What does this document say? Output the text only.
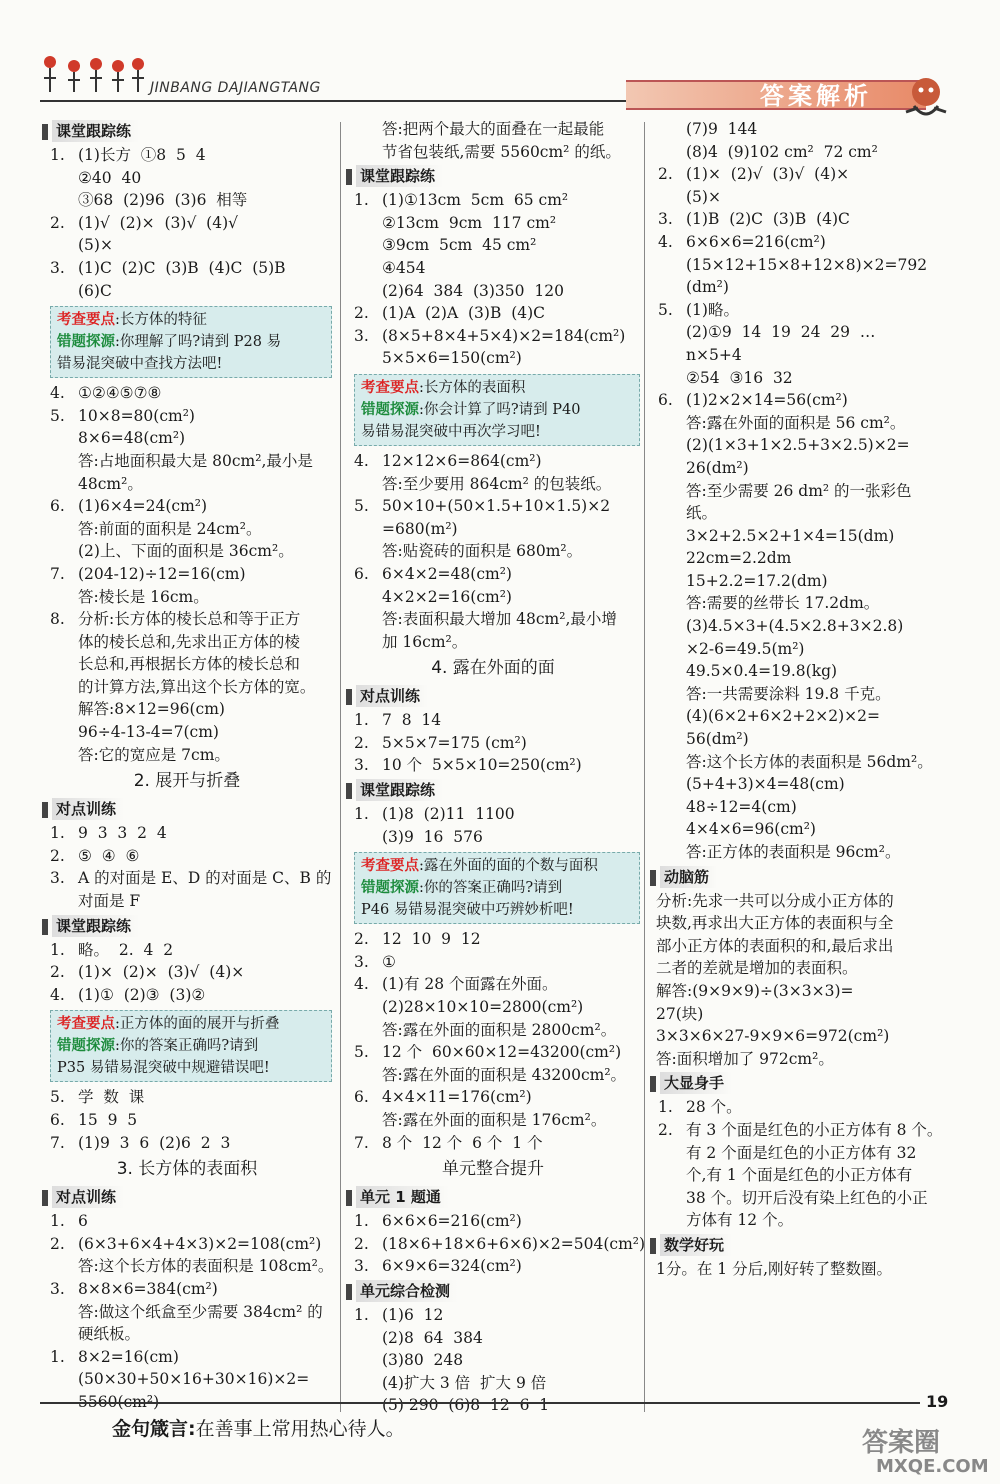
JINBANG DAJIANGTANG	答案解析
课堂跟踪练
1. (1)长方  ①8  5  4
②40  40
③68  (2)96  (3)6  相等
2. (1)√  (2)×  (3)√  (4)√
(5)×
3. (1)C  (2)C  (3)B  (4)C  (5)B
(6)C
考查要点:长方体的特征
错题探源:你理解了吗?请到 P28 易
错易混突破中查找方法吧!
4. ①②④⑤⑦⑧
5. 10×8=80(cm²)
8×6=48(cm²)
答:占地面积最大是 80cm²,最小是
48cm²。
6. (1)6×4=24(cm²)
答:前面的面积是 24cm²。
(2)上、下面的面积是 36cm²。
7. (204-12)÷12=16(cm)
答:棱长是 16cm。
8. 分析:长方体的棱长总和等于正方
体的棱长总和,先求出正方体的棱
长总和,再根据长方体的棱长总和
的计算方法,算出这个长方体的宽。
解答:8×12=96(cm)
96÷4-13-4=7(cm)
答:它的宽应是 7cm。
2. 展开与折叠
对点训练
1. 9  3  3  2  4
2. ⑤  ④  ⑥
3. A 的对面是 E、D 的对面是 C、B 的
对面是 F
课堂跟踪练
1. 略。  2.  4  2
2. (1)×  (2)×  (3)√  (4)×
4. (1)①  (2)③  (3)②
考查要点:正方体的面的展开与折叠
错题探源:你的答案正确吗?请到
P35 易错易混突破中规避错误吧!
5. 学  数  课
6. 15  9  5
7. (1)9  3  6  (2)6  2  3
3. 长方体的表面积
对点训练
1. 6
2. (6×3+6×4+4×3)×2=108(cm²)
答:这个长方体的表面积是 108cm²。
3. 8×8×6=384(cm²)
答:做这个纸盒至少需要 384cm² 的
硬纸板。
1. 8×2=16(cm)
(50×30+50×16+30×16)×2=
5560(cm²)
答:把两个最大的面叠在一起最能
节省包装纸,需要 5560cm² 的纸。
课堂跟踪练
1. (1)①13cm  5cm  65 cm²
②13cm  9cm  117 cm²
③9cm  5cm  45 cm²
④454
(2)64  384  (3)350  120
2. (1)A  (2)A  (3)B  (4)C
3. (8×5+8×4+5×4)×2=184(cm²)
5×5×6=150(cm²)
考查要点:长方体的表面积
错题探源:你会计算了吗?请到 P40
易错易混突破中再次学习吧!
4. 12×12×6=864(cm²)
答:至少要用 864cm² 的包装纸。
5. 50×10+(50×1.5+10×1.5)×2
=680(m²)
答:贴瓷砖的面积是 680m²。
6. 6×4×2=48(cm²)
4×2×2=16(cm²)
答:表面积最大增加 48cm²,最小增
加 16cm²。
4. 露在外面的面
对点训练
1. 7  8  14
2. 5×5×7=175 (cm²)
3. 10 个  5×5×10=250(cm²)
课堂跟踪练
1. (1)8  (2)11  1100
(3)9  16  576
考查要点:露在外面的面的个数与面积
错题探源:你的答案正确吗?请到
P46 易错易混突破中巧辨妙析吧!
2. 12  10  9  12
3. ①
4. (1)有 28 个面露在外面。
(2)28×10×10=2800(cm²)
答:露在外面的面积是 2800cm²。
5. 12 个  60×60×12=43200(cm²)
答:露在外面的面积是 43200cm²。
6. 4×4×11=176(cm²)
答:露在外面的面积是 176cm²。
7. 8 个  12 个  6 个  1 个
单元整合提升
单元 1 题通
1. 6×6×6=216(cm²)
2. (18×6+18×6+6×6)×2=504(cm²)
3. 6×9×6=324(cm²)
单元综合检测
1. (1)6  12
(2)8  64  384
(3)80  248
(4)扩大 3 倍  扩大 9 倍
(5) 290  (6)8  12  6  1
(7)9  144
(8)4  (9)102 cm²  72 cm²
2. (1)×  (2)√  (3)√  (4)×
(5)×
3. (1)B  (2)C  (3)B  (4)C
4. 6×6×6=216(cm²)
(15×12+15×8+12×8)×2=792
(dm²)
5. (1)略。
(2)①9  14  19  24  29  …
n×5+4
②54  ③16  32
6. (1)2×2×14=56(cm²)
答:露在外面的面积是 56 cm²。
(2)(1×3+1×2.5+3×2.5)×2=
26(dm²)
答:至少需要 26 dm² 的一张彩色
纸。
3×2+2.5×2+1×4=15(dm)
22cm=2.2dm
15+2.2=17.2(dm)
答:需要的丝带长 17.2dm。
(3)4.5×3+(4.5×2.8+3×2.8)
×2-6=49.5(m²)
49.5×0.4=19.8(kg)
答:一共需要涂料 19.8 千克。
(4)(6×2+6×2+2×2)×2=
56(dm²)
答:这个长方体的表面积是 56dm²。
(5+4+3)×4=48(cm)
48÷12=4(cm)
4×4×6=96(cm²)
答:正方体的表面积是 96cm²。
动脑筋
分析:先求一共可以分成小正方体的
块数,再求出大正方体的表面积与全
部小正方体的表面积的和,最后求出
二者的差就是增加的表面积。
解答:(9×9×9)÷(3×3×3)=
27(块)
3×3×6×27-9×9×6=972(cm²)
答:面积增加了 972cm²。
大显身手
1. 28 个。
2. 有 3 个面是红色的小正方体有 8 个。
有 2 个面是红色的小正方体有 32
个,有 1 个面是红色的小正方体有
38 个。切开后没有染上红色的小正
方体有 12 个。
数学好玩
1分。在 1 分后,刚好转了整数圈。
金句箴言:在善事上常用热心待人。
19
答案圈
MXQE.COM
